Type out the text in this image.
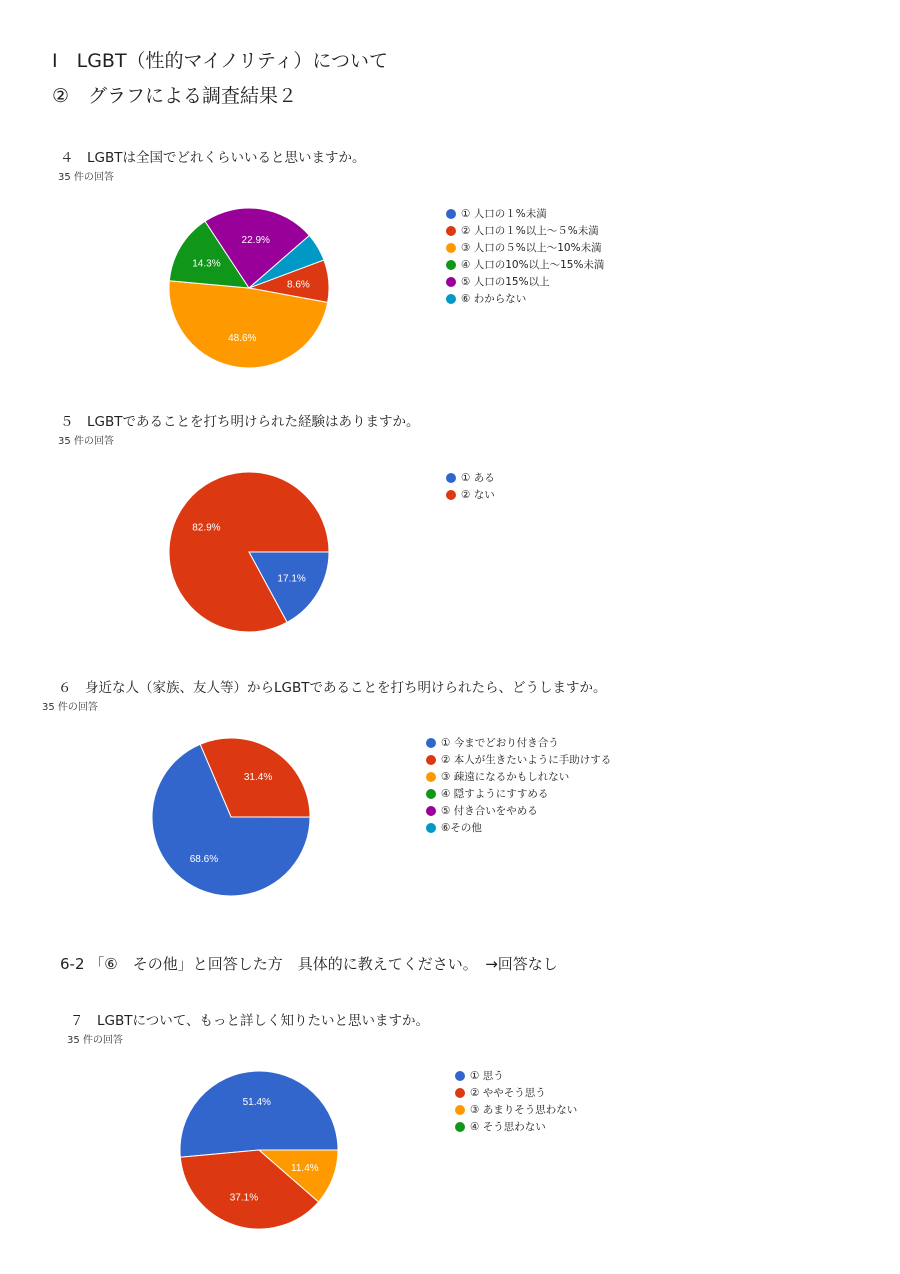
Ⅰ　LGBT（性的マイノリティ）について
②　グラフによる調査結果２
４　LGBTは全国でどれくらいいると思いますか。
35 件の回答
8.6%
48.6%
14.3%
22.9%
① 人口の１%未満
② 人口の１%以上～５%未満
③ 人口の５%以上～10%未満
④ 人口の10%以上～15%未満
⑤ 人口の15%以上
⑥ わからない
５　LGBTであることを打ち明けられた経験はありますか。
35 件の回答
17.1%
82.9%
① ある
② ない
６　身近な人（家族、友人等）からLGBTであることを打ち明けられたら、どうしますか。
35 件の回答
31.4%
68.6%
① 今までどおり付き合う
② 本人が生きたいように手助けする
③ 疎遠になるかもしれない
④ 隠すようにすすめる
⑤ 付き合いをやめる
⑥その他
6-2 「⑥　その他」と回答した方　具体的に教えてください。　→回答なし
７　LGBTについて、もっと詳しく知りたいと思いますか。
35 件の回答
51.4%
37.1%
11.4%
① 思う
② ややそう思う
③ あまりそう思わない
④ そう思わない
